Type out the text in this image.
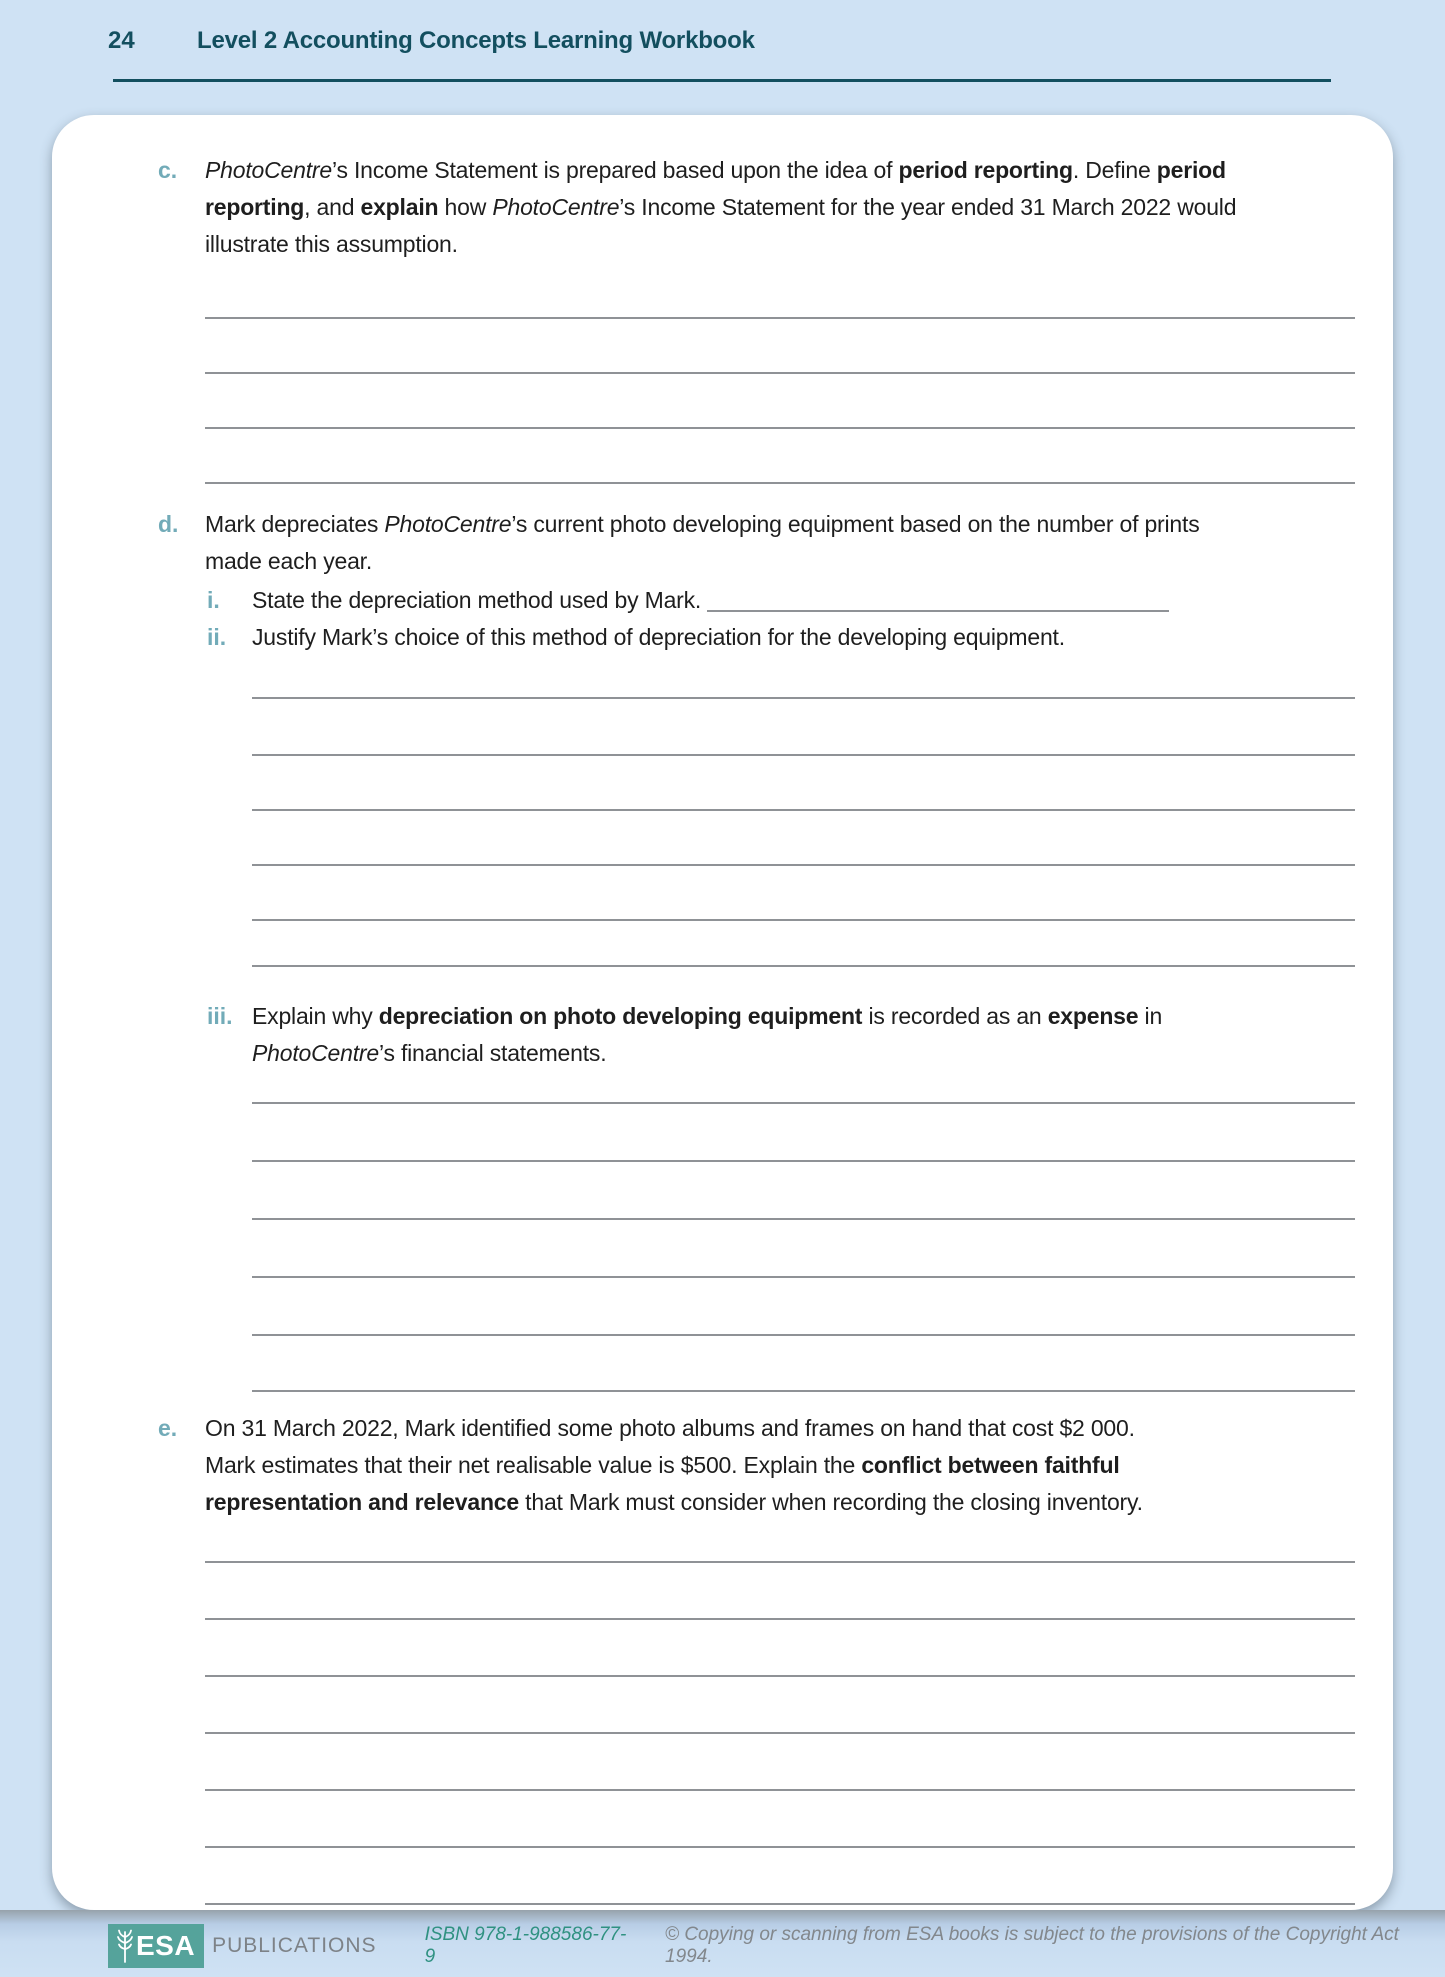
24	Level 2 Accounting Concepts Learning Workbook
c.	PhotoCentre’s Income Statement is prepared based upon the idea of period reporting. Define period
reporting, and explain how PhotoCentre’s Income Statement for the year ended 31 March 2022 would
illustrate this assumption.
d.	Mark depreciates PhotoCentre’s current photo developing equipment based on the number of prints
made each year.
i.	State the depreciation method used by Mark.
ii.	Justify Mark’s choice of this method of depreciation for the developing equipment.
iii. Explain why depreciation on photo developing equipment is recorded as an expense in
PhotoCentre’s financial statements.
e.	On 31 March 2022, Mark identified some photo albums and frames on hand that cost $2 000.
Mark estimates that their net realisable value is $500. Explain the conflict between faithful
representation and relevance that Mark must consider when recording the closing inventory.
ESA PUBLICATIONS	ISBN 978-1-988586-77-9
© Copying or scanning from ESA books is subject to the provisions of the Copyright Act 1994.
